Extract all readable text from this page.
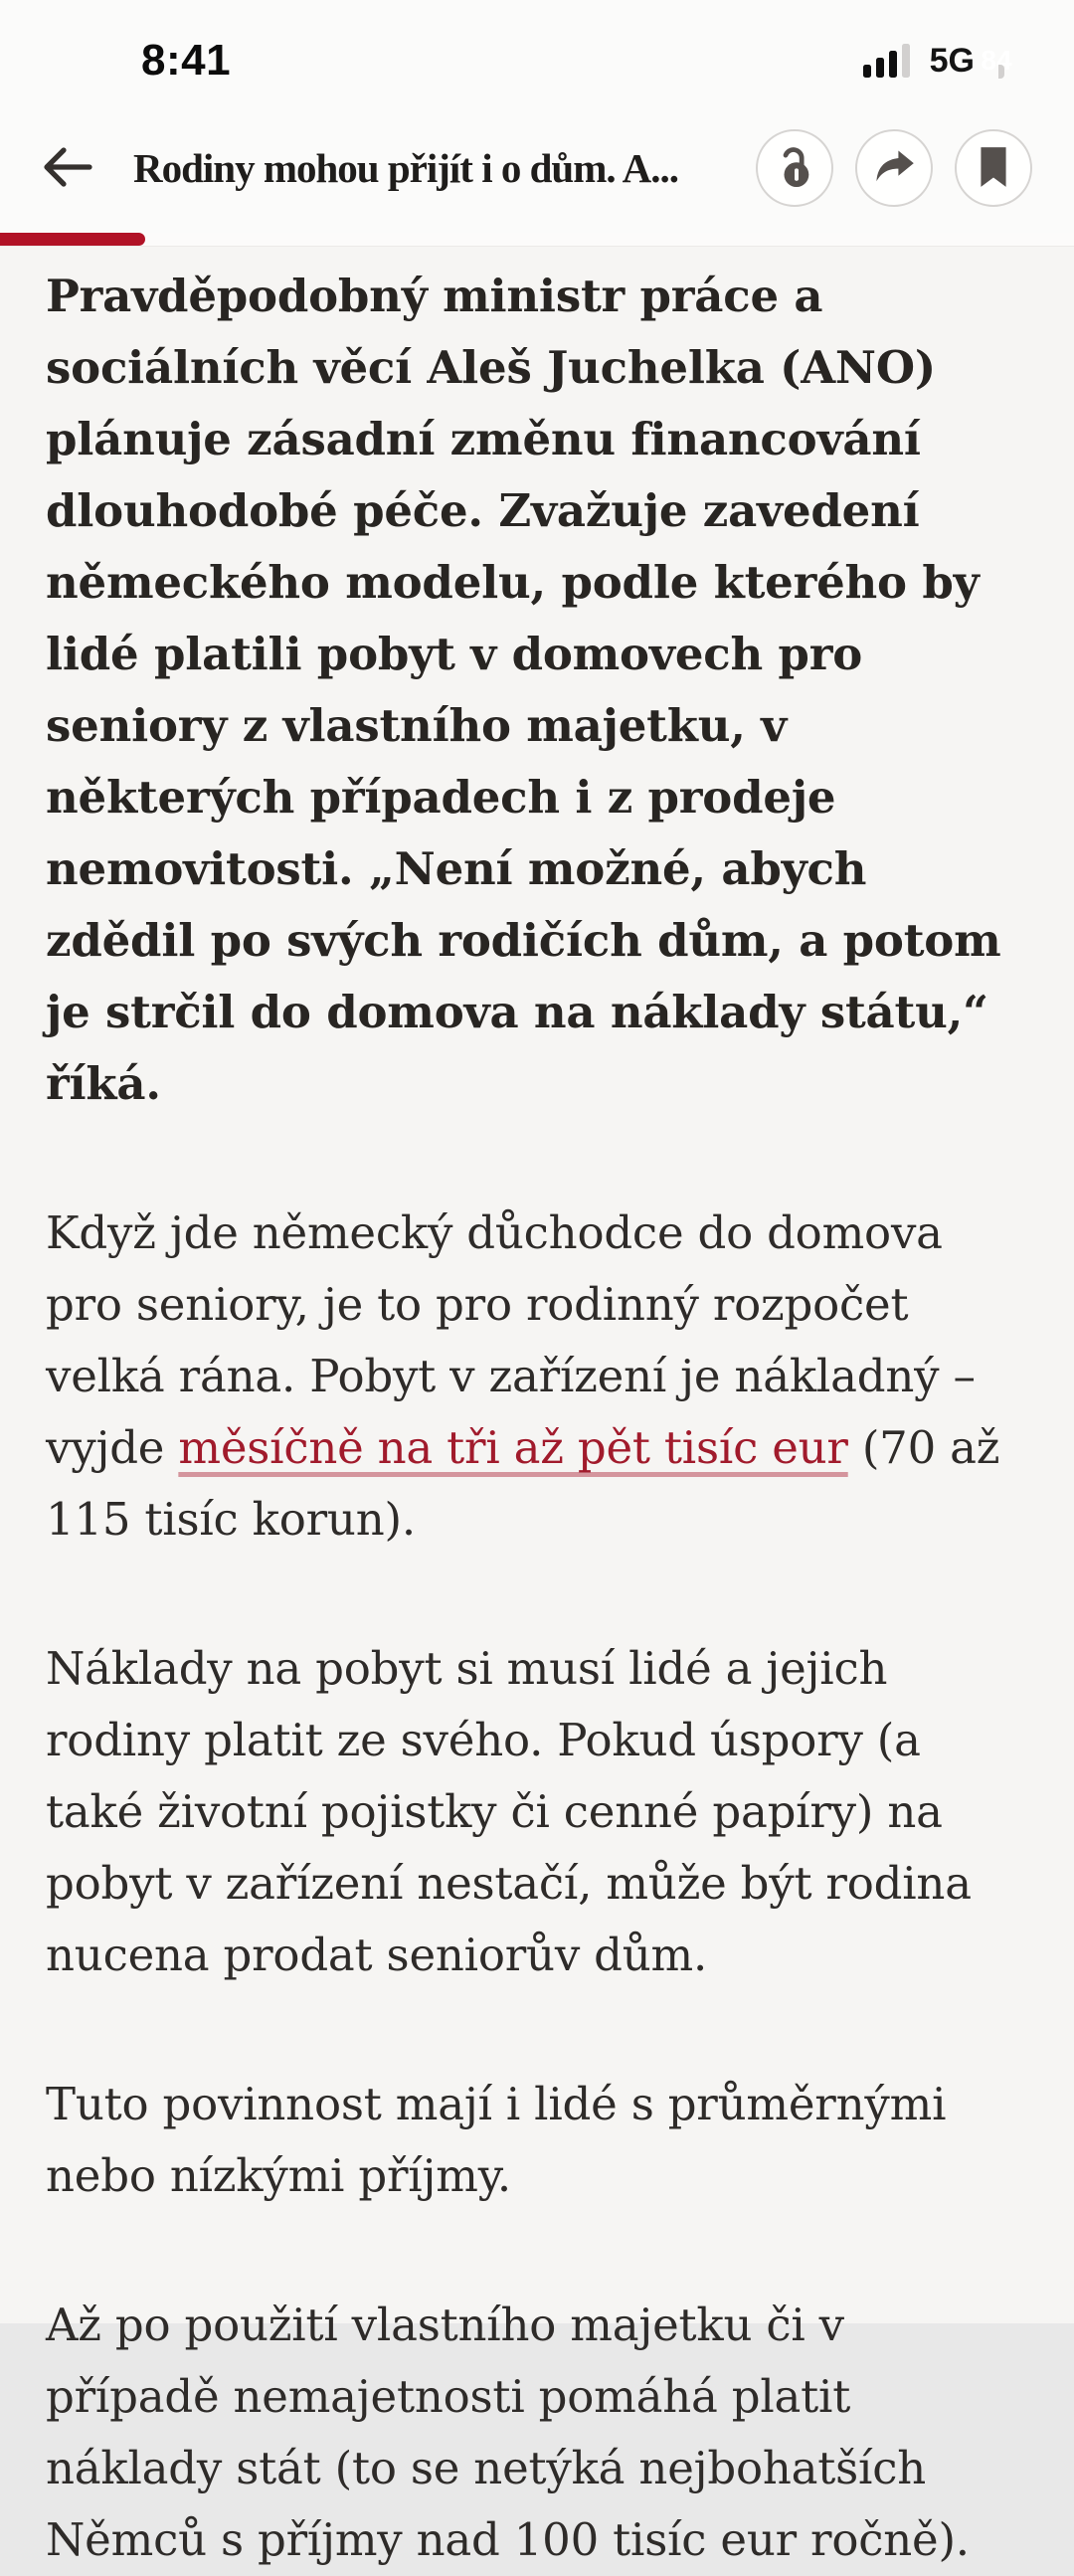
8:41	5G
Rodiny mohou přijít i o dům. A...

Pravděpodobný ministr práce a sociálních věcí Aleš Juchelka (ANO) plánuje zásadní změnu financování dlouhodobé péče. Zvažuje zavedení německého modelu, podle kterého by lidé platili pobyt v domovech pro seniory z vlastního majetku, v některých případech i z prodeje nemovitosti. „Není možné, abych zdědil po svých rodičích dům, a potom je strčil do domova na náklady státu,“ říká.

Když jde německý důchodce do domova pro seniory, je to pro rodinný rozpočet velká rána. Pobyt v zařízení je nákladný – vyjde měsíčně na tři až pět tisíc eur (70 až 115 tisíc korun).

Náklady na pobyt si musí lidé a jejich rodiny platit ze svého. Pokud úspory (a také životní pojistky či cenné papíry) na pobyt v zařízení nestačí, může být rodina nucena prodat seniorův dům.

Tuto povinnost mají i lidé s průměrnými nebo nízkými příjmy.

Až po použití vlastního majetku či v případě nemajetnosti pomáhá platit náklady stát (to se netýká nejbohatších Němců s příjmy nad 100 tisíc eur ročně).
